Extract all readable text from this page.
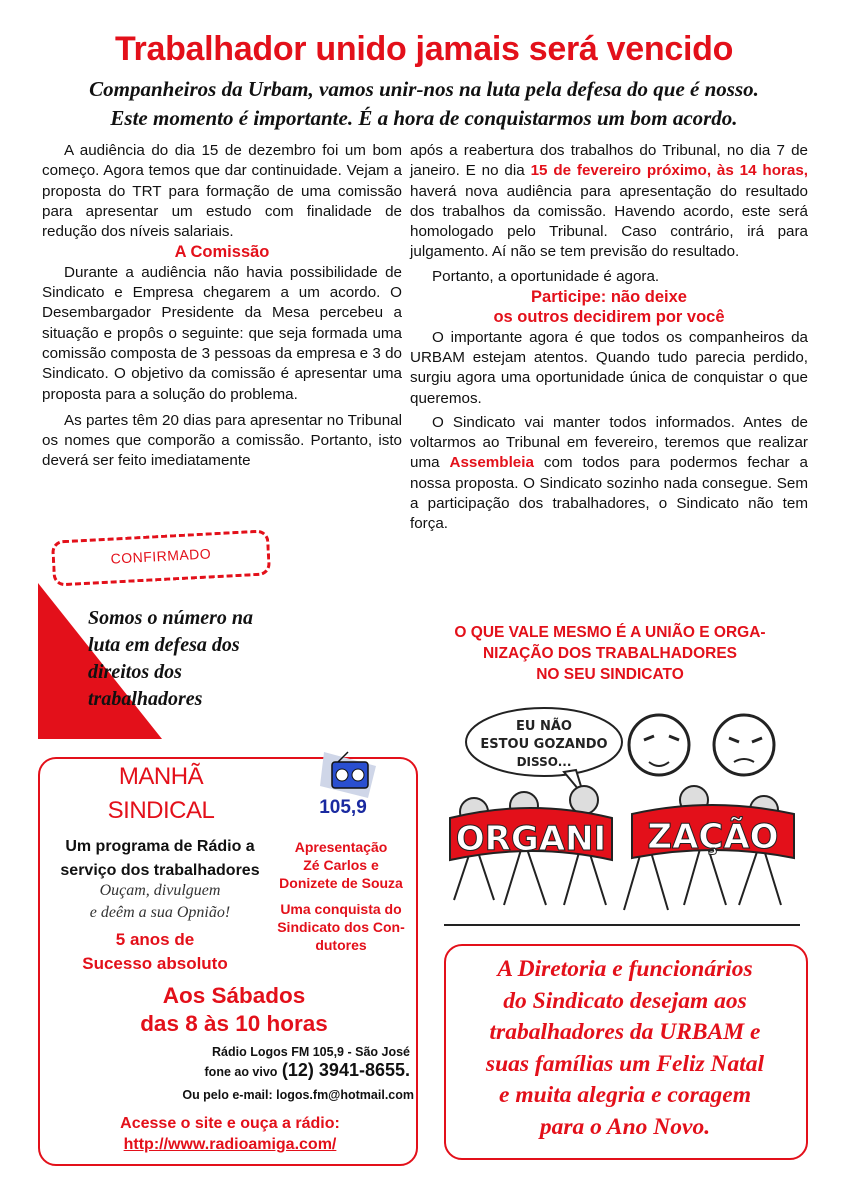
Trabalhador unido jamais será vencido
Companheiros da Urbam, vamos unir-nos na luta pela defesa do que é nosso.
Este momento é importante. É a hora de conquistarmos um bom acordo.

A audiência do dia 15 de dezembro foi um bom começo. Agora temos que dar continuidade. Vejam a proposta do TRT para formação de uma comissão para apresentar um estudo com finalidade de redução dos níveis salariais.

A Comissão

Durante a audiência não havia possibilidade de Sindicato e Empresa chegarem a um acordo. O Desembargador Presidente da Mesa percebeu a situação e propôs o seguinte: que seja formada uma comissão composta de 3 pessoas da empresa e 3 do Sindicato. O objetivo da comissão é apresentar uma proposta para a solução do problema.

As partes têm 20 dias para apresentar no Tribunal os nomes que comporão a comissão. Portanto, isto deverá ser feito imediatamente

após a reabertura dos trabalhos do Tribunal, no dia 7 de janeiro. E no dia 15 de fevereiro próximo, às 14 horas, haverá nova audiência para apresentação do resultado dos trabalhos da comissão. Havendo acordo, este será homologado pelo Tribunal. Caso contrário, irá para julgamento. Aí não se tem previsão do resultado.

Portanto, a oportunidade é agora.

Participe: não deixe
os outros decidirem por você

O importante agora é que todos os companheiros da URBAM estejam atentos. Quando tudo parecia perdido, surgiu agora uma oportunidade única de conquistar o que queremos.

O Sindicato vai manter todos informados. Antes de voltarmos ao Tribunal em fevereiro, teremos que realizar uma Assembleia com todos para podermos fechar a nossa proposta. O Sindicato sozinho nada consegue. Sem a participação dos trabalhadores, o Sindicato não tem força.

CONFIRMADO
Somos o número na luta em defesa dos direitos dos trabalhadores
O QUE VALE MESMO É A UNIÃO E ORGA-
NIZAÇÃO DOS TRABALHADORES
NO SEU SINDICATO
EU NÃO
ESTOU GOZANDO
DISSO...
ORGANI ZAÇÃO
MANHÃ
SINDICAL	105,9
Um programa de Rádio a
serviço dos trabalhadores
Ouçam, divulguem
e deêm a sua Opnião!
5 anos de
Sucesso absoluto
Apresentação
Zé Carlos e
Donizete de Souza
Uma conquista do
Sindicato dos Con-
dutores
Aos Sábados
das 8 às 10 horas
Rádio Logos FM 105,9 - São José
fone ao vivo (12) 3941-8655.
Ou pelo e-mail: logos.fm@hotmail.com
Acesse o site e ouça a rádio:
http://www.radioamiga.com/
A Diretoria e funcionários
do Sindicato desejam aos
trabalhadores da URBAM e
suas famílias um Feliz Natal
e muita alegria e coragem
para o Ano Novo.
